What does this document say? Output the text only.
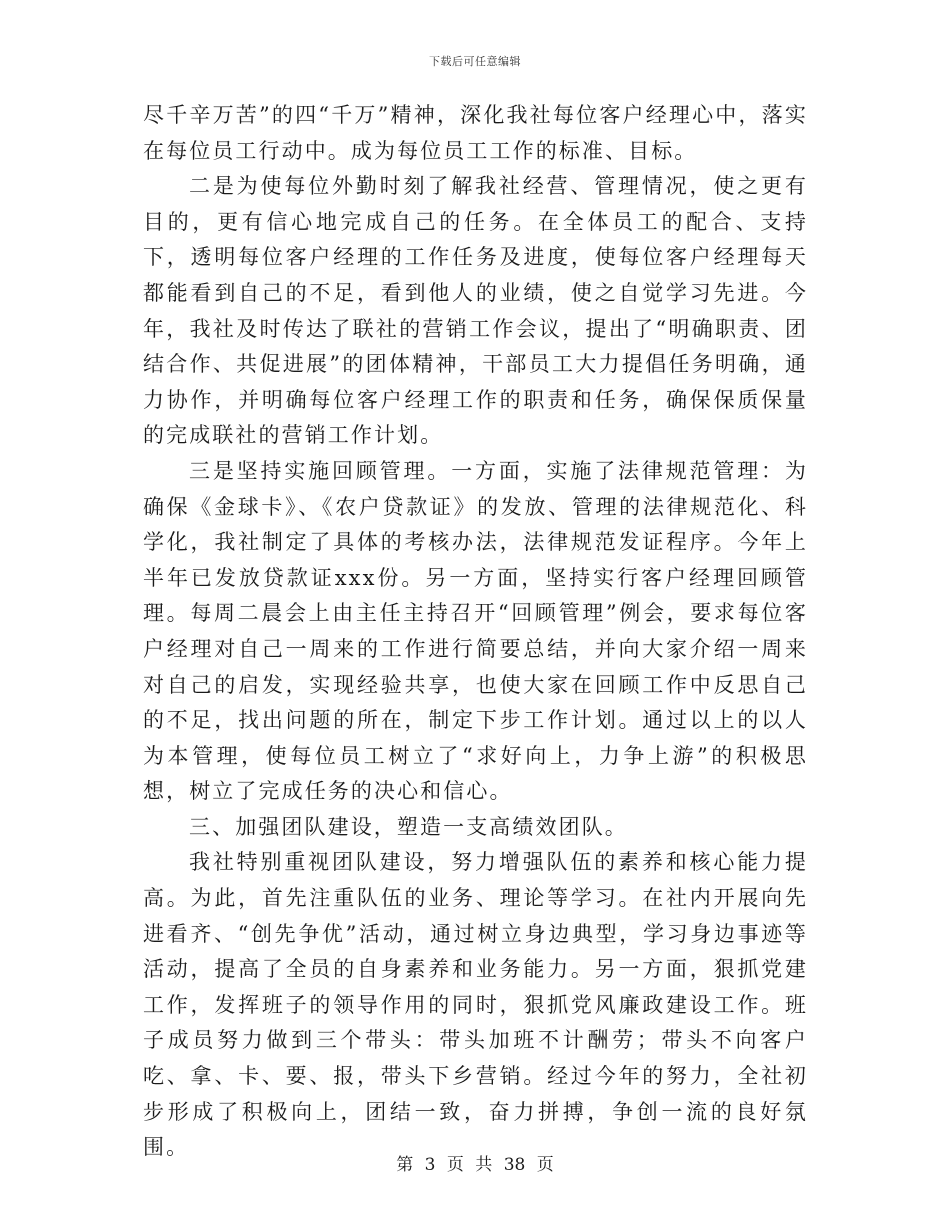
下载后可任意编辑

尽千辛万苦”的四“千万”精神，深化我社每位客户经理心中，落实在每位员工行动中。成为每位员工工作的标准、目标。

二是为使每位外勤时刻了解我社经营、管理情况，使之更有目的，更有信心地完成自己的任务。在全体员工的配合、支持下，透明每位客户经理的工作任务及进度，使每位客户经理每天都能看到自己的不足，看到他人的业绩，使之自觉学习先进。今年，我社及时传达了联社的营销工作会议，提出了“明确职责、团结合作、共促进展”的团体精神，干部员工大力提倡任务明确，通力协作，并明确每位客户经理工作的职责和任务，确保保质保量的完成联社的营销工作计划。

三是坚持实施回顾管理。一方面，实施了法律规范管理：为确保《金球卡》、《农户贷款证》的发放、管理的法律规范化、科学化，我社制定了具体的考核办法，法律规范发证程序。今年上半年已发放贷款证xxx份。另一方面，坚持实行客户经理回顾管理。每周二晨会上由主任主持召开“回顾管理”例会，要求每位客户经理对自己一周来的工作进行简要总结，并向大家介绍一周来对自己的启发，实现经验共享，也使大家在回顾工作中反思自己的不足，找出问题的所在，制定下步工作计划。通过以上的以人为本管理，使每位员工树立了“求好向上，力争上游”的积极思想，树立了完成任务的决心和信心。

三、加强团队建设，塑造一支高绩效团队。

我社特别重视团队建设，努力增强队伍的素养和核心能力提高。为此，首先注重队伍的业务、理论等学习。在社内开展向先进看齐、“创先争优”活动，通过树立身边典型，学习身边事迹等活动，提高了全员的自身素养和业务能力。另一方面，狠抓党建工作，发挥班子的领导作用的同时，狠抓党风廉政建设工作。班子成员努力做到三个带头：带头加班不计酬劳；带头不向客户吃、拿、卡、要、报，带头下乡营销。经过今年的努力，全社初步形成了积极向上，团结一致，奋力拼搏，争创一流的良好氛围。

第 3 页 共 38 页
